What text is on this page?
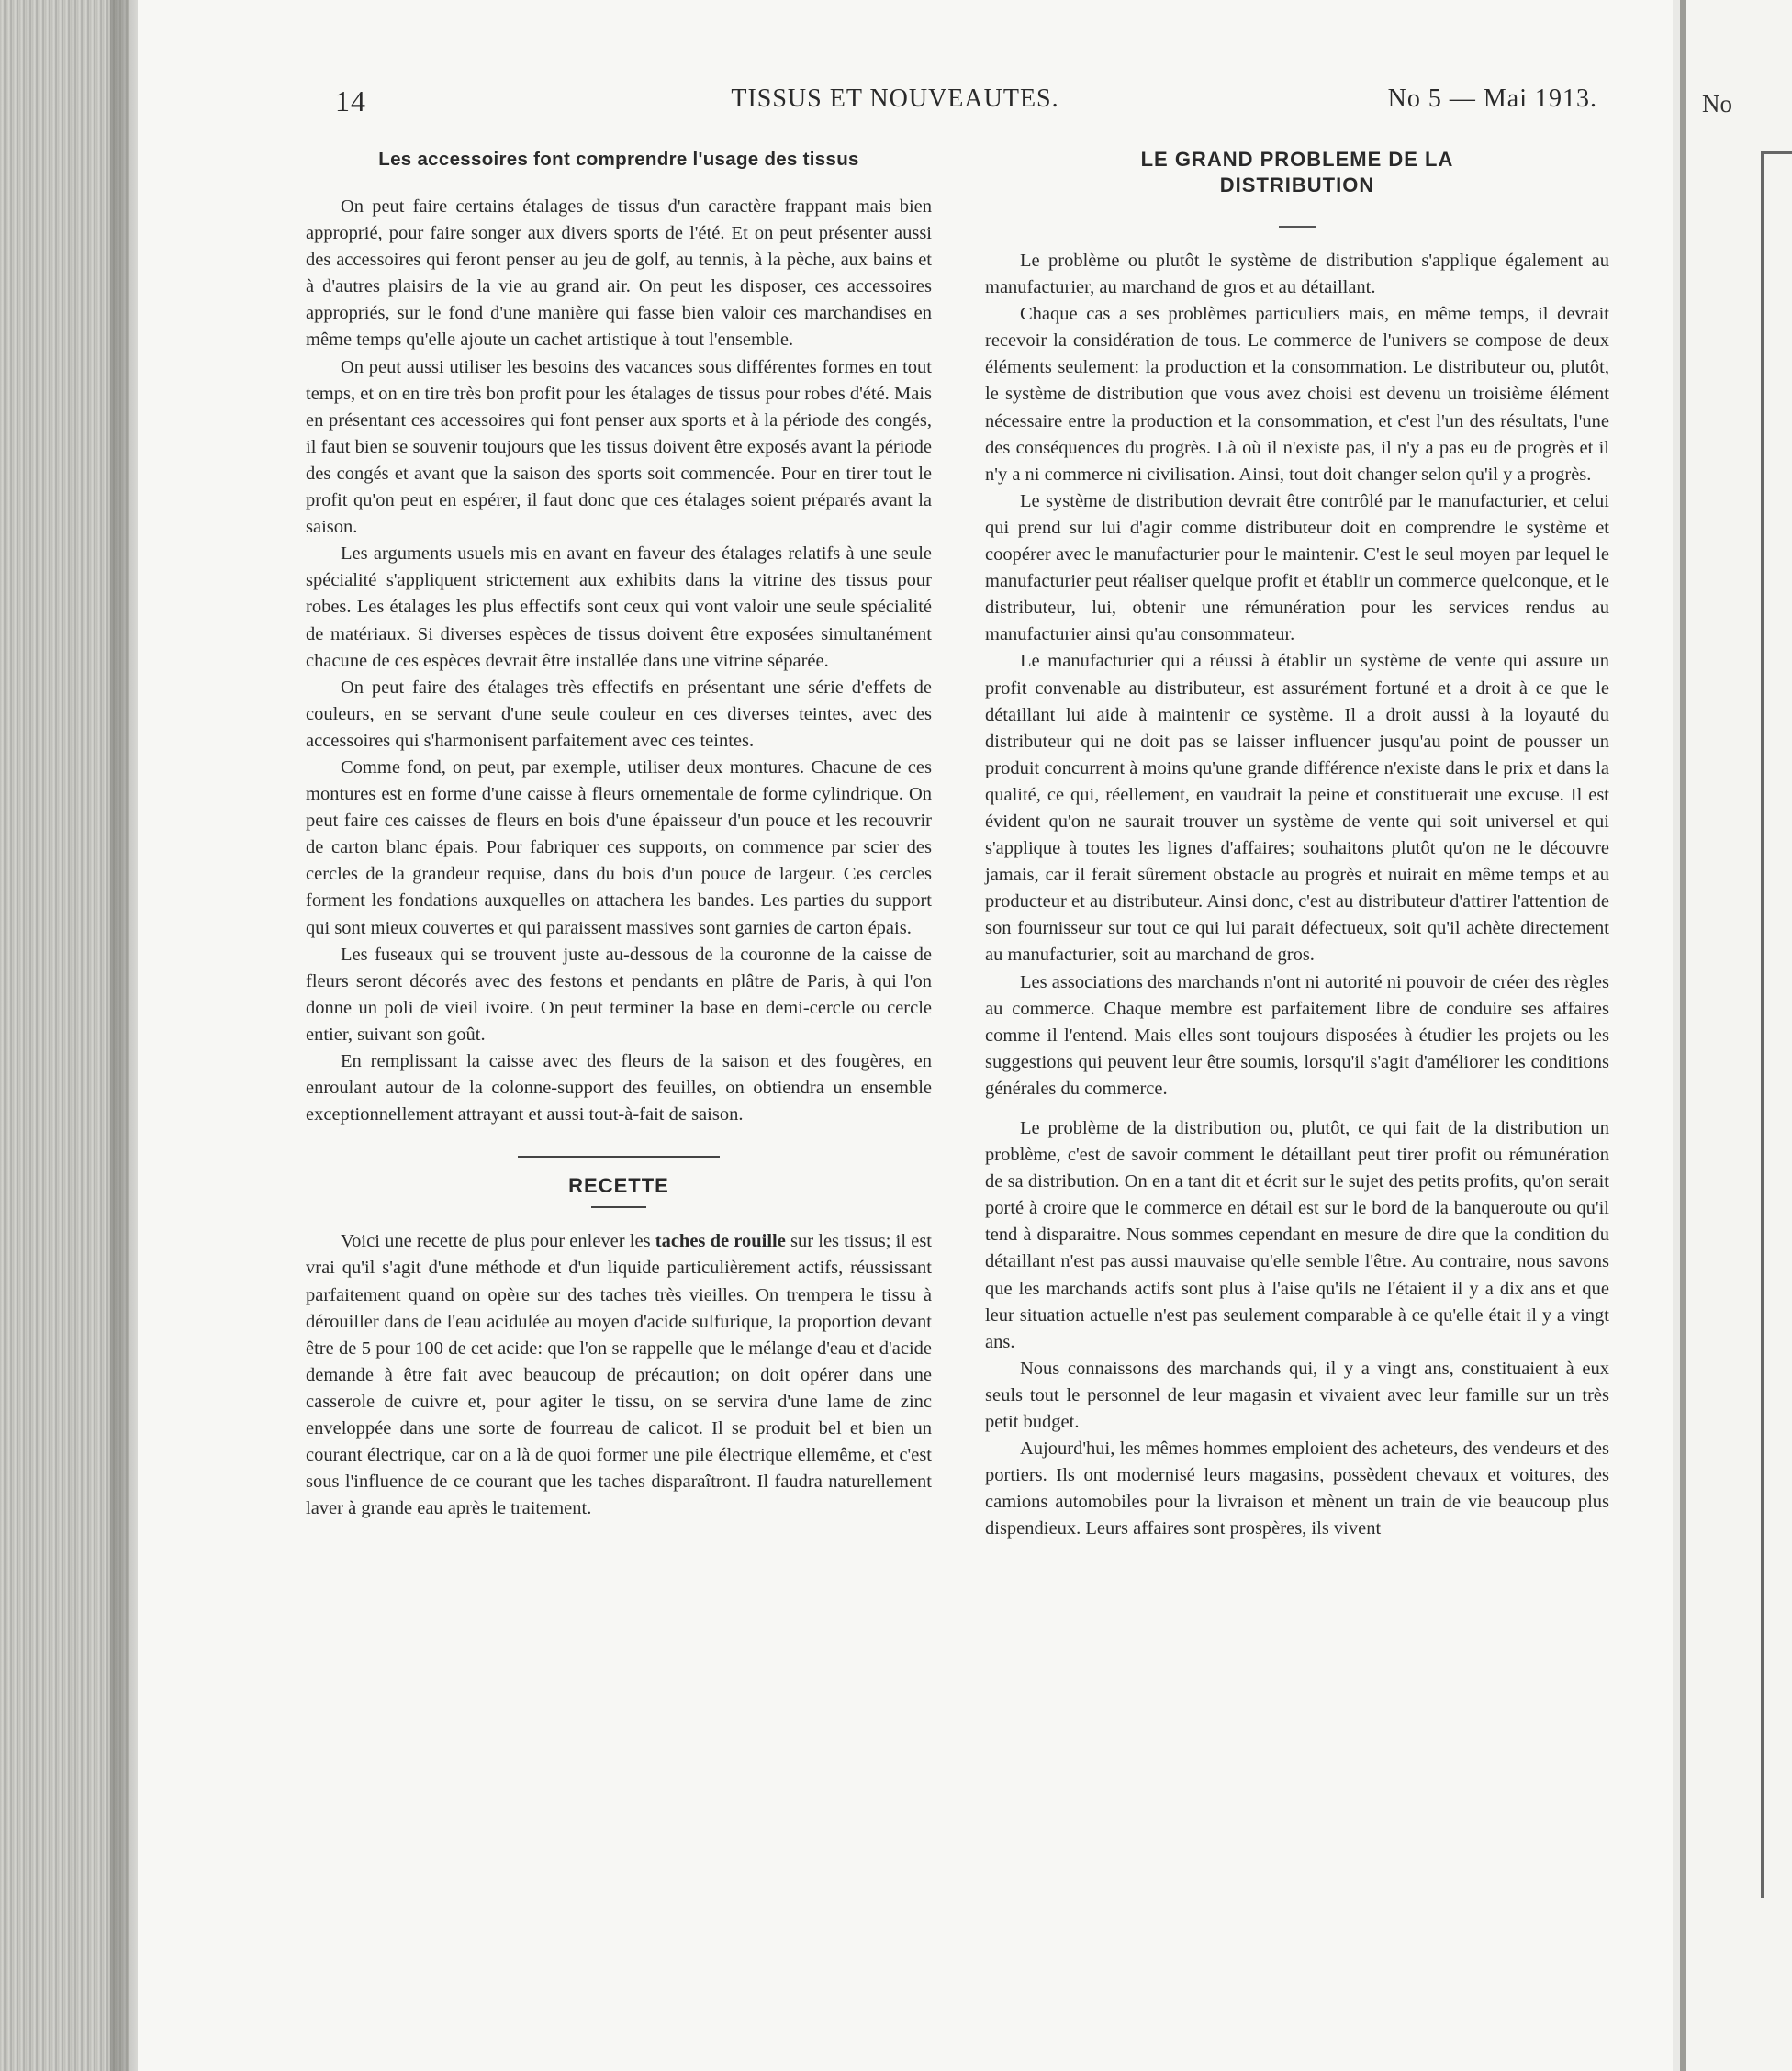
No
TISSUS ET NOUVEAUTES.
14	No 5 — Mai 1913.
Les accessoires font comprendre l'usage des tissus

On peut faire certains étalages de tissus d'un caractère frappant mais bien approprié, pour faire songer aux divers sports de l'été. Et on peut présenter aussi des accessoires qui feront penser au jeu de golf, au tennis, à la pèche, aux bains et à d'autres plaisirs de la vie au grand air. On peut les disposer, ces accessoires appropriés, sur le fond d'une manière qui fasse bien valoir ces marchandises en même temps qu'elle ajoute un cachet artistique à tout l'ensemble.

On peut aussi utiliser les besoins des vacances sous différentes formes en tout temps, et on en tire très bon profit pour les étalages de tissus pour robes d'été. Mais en présentant ces accessoires qui font penser aux sports et à la période des congés, il faut bien se souvenir toujours que les tissus doivent être exposés avant la période des congés et avant que la saison des sports soit commencée. Pour en tirer tout le profit qu'on peut en espérer, il faut donc que ces étalages soient préparés avant la saison.

Les arguments usuels mis en avant en faveur des étalages relatifs à une seule spécialité s'appliquent strictement aux exhibits dans la vitrine des tissus pour robes. Les étalages les plus effectifs sont ceux qui vont valoir une seule spécialité de matériaux. Si diverses espèces de tissus doivent être exposées simultanément chacune de ces espèces devrait être installée dans une vitrine séparée.

On peut faire des étalages très effectifs en présentant une série d'effets de couleurs, en se servant d'une seule couleur en ces diverses teintes, avec des accessoires qui s'harmonisent parfaitement avec ces teintes.

Comme fond, on peut, par exemple, utiliser deux montures. Chacune de ces montures est en forme d'une caisse à fleurs ornementale de forme cylindrique. On peut faire ces caisses de fleurs en bois d'une épaisseur d'un pouce et les recouvrir de carton blanc épais. Pour fabriquer ces supports, on commence par scier des cercles de la grandeur requise, dans du bois d'un pouce de largeur. Ces cercles forment les fondations auxquelles on attachera les bandes. Les parties du support qui sont mieux couvertes et qui paraissent massives sont garnies de carton épais.

Les fuseaux qui se trouvent juste au-dessous de la couronne de la caisse de fleurs seront décorés avec des festons et pendants en plâtre de Paris, à qui l'on donne un poli de vieil ivoire. On peut terminer la base en demi-cercle ou cercle entier, suivant son goût.

En remplissant la caisse avec des fleurs de la saison et des fougères, en enroulant autour de la colonne-support des feuilles, on obtiendra un ensemble exceptionnellement attrayant et aussi tout-à-fait de saison.

RECETTE

Voici une recette de plus pour enlever les taches de rouille sur les tissus; il est vrai qu'il s'agit d'une méthode et d'un liquide particulièrement actifs, réussissant parfaitement quand on opère sur des taches très vieilles. On trempera le tissu à dérouiller dans de l'eau acidulée au moyen d'acide sulfurique, la proportion devant être de 5 pour 100 de cet acide: que l'on se rappelle que le mélange d'eau et d'acide demande à être fait avec beaucoup de précaution; on doit opérer dans une casserole de cuivre et, pour agiter le tissu, on se servira d'une lame de zinc enveloppée dans une sorte de fourreau de calicot. Il se produit bel et bien un courant électrique, car on a là de quoi former une pile électrique ellemême, et c'est sous l'influence de ce courant que les taches disparaîtront. Il faudra naturellement laver à grande eau après le traitement.

LE GRAND PROBLEME DE LA
DISTRIBUTION

Le problème ou plutôt le système de distribution s'applique également au manufacturier, au marchand de gros et au détaillant.

Chaque cas a ses problèmes particuliers mais, en même temps, il devrait recevoir la considération de tous. Le commerce de l'univers se compose de deux éléments seulement: la production et la consommation. Le distributeur ou, plutôt, le système de distribution que vous avez choisi est devenu un troisième élément nécessaire entre la production et la consommation, et c'est l'un des résultats, l'une des conséquences du progrès. Là où il n'existe pas, il n'y a pas eu de progrès et il n'y a ni commerce ni civilisation. Ainsi, tout doit changer selon qu'il y a progrès.

Le système de distribution devrait être contrôlé par le manufacturier, et celui qui prend sur lui d'agir comme distributeur doit en comprendre le système et coopérer avec le manufacturier pour le maintenir. C'est le seul moyen par lequel le manufacturier peut réaliser quelque profit et établir un commerce quelconque, et le distributeur, lui, obtenir une rémunération pour les services rendus au manufacturier ainsi qu'au consommateur.

Le manufacturier qui a réussi à établir un système de vente qui assure un profit convenable au distributeur, est assurément fortuné et a droit à ce que le détaillant lui aide à maintenir ce système. Il a droit aussi à la loyauté du distributeur qui ne doit pas se laisser influencer jusqu'au point de pousser un produit concurrent à moins qu'une grande différence n'existe dans le prix et dans la qualité, ce qui, réellement, en vaudrait la peine et constituerait une excuse. Il est évident qu'on ne saurait trouver un système de vente qui soit universel et qui s'applique à toutes les lignes d'affaires; souhaitons plutôt qu'on ne le découvre jamais, car il ferait sûrement obstacle au progrès et nuirait en même temps et au producteur et au distributeur. Ainsi donc, c'est au distributeur d'attirer l'attention de son fournisseur sur tout ce qui lui parait défectueux, soit qu'il achète directement au manufacturier, soit au marchand de gros.

Les associations des marchands n'ont ni autorité ni pouvoir de créer des règles au commerce. Chaque membre est parfaitement libre de conduire ses affaires comme il l'entend. Mais elles sont toujours disposées à étudier les projets ou les suggestions qui peuvent leur être soumis, lorsqu'il s'agit d'améliorer les conditions générales du commerce.

Le problème de la distribution ou, plutôt, ce qui fait de la distribution un problème, c'est de savoir comment le détaillant peut tirer profit ou rémunération de sa distribution. On en a tant dit et écrit sur le sujet des petits profits, qu'on serait porté à croire que le commerce en détail est sur le bord de la banqueroute ou qu'il tend à disparaitre. Nous sommes cependant en mesure de dire que la condition du détaillant n'est pas aussi mauvaise qu'elle semble l'être. Au contraire, nous savons que les marchands actifs sont plus à l'aise qu'ils ne l'étaient il y a dix ans et que leur situation actuelle n'est pas seulement comparable à ce qu'elle était il y a vingt ans.

Nous connaissons des marchands qui, il y a vingt ans, constituaient à eux seuls tout le personnel de leur magasin et vivaient avec leur famille sur un très petit budget.

Aujourd'hui, les mêmes hommes emploient des acheteurs, des vendeurs et des portiers. Ils ont modernisé leurs magasins, possèdent chevaux et voitures, des camions automobiles pour la livraison et mènent un train de vie beaucoup plus dispendieux. Leurs affaires sont prospères, ils vivent
